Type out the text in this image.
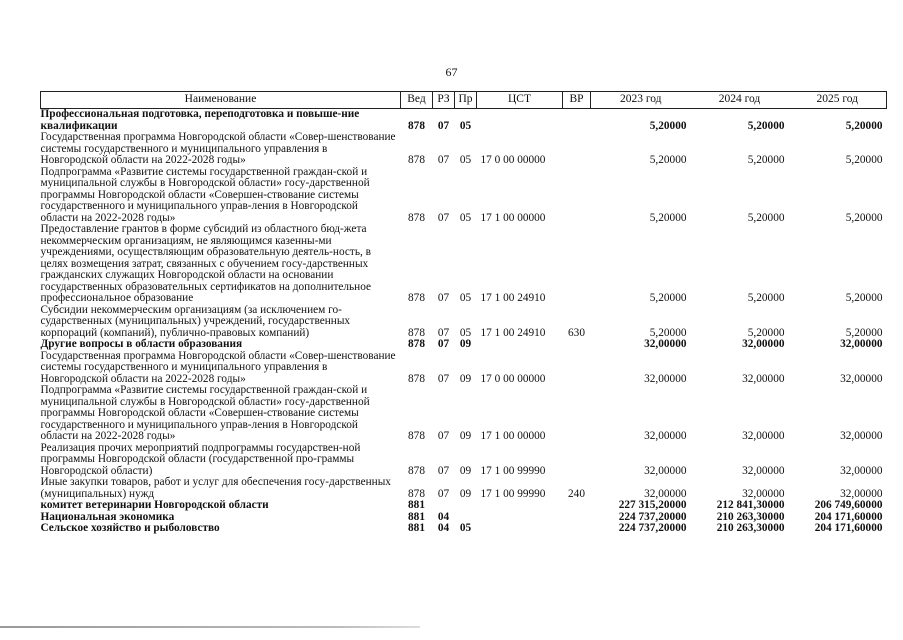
67
Наименование	Вед	РЗ	Пр	ЦСТ	ВР	2023 год	2024 год	2025 год
Профессиональная подготовка, переподготовка и повыше-ние квалификации	878	07	05			5,20000	5,20000	5,20000
Государственная программа Новгородской области «Совер-шенствование системы государственного и муниципального управления в Новгородской области на 2022-2028 годы»	878	07	05	17 0 00 00000		5,20000	5,20000	5,20000
Подпрограмма «Развитие системы государственной граждан-ской и муниципальной службы в Новгородской области» госу-дарственной программы Новгородской области «Совершен-ствование системы государственного и муниципального управ-ления в Новгородской области на 2022-2028 годы»	878	07	05	17 1 00 00000		5,20000	5,20000	5,20000
Предоставление грантов в форме субсидий из областного бюд-жета некоммерческим организациям, не являющимся казенны-ми учреждениями, осуществляющим образовательную деятель-ность, в целях возмещения затрат, связанных с обучением госу-дарственных гражданских служащих Новгородской области на основании государственных образовательных сертификатов на дополнительное профессиональное образование	878	07	05	17 1 00 24910		5,20000	5,20000	5,20000
Субсидии некоммерческим организациям (за исключением го-сударственных (муниципальных) учреждений, государственных корпораций (компаний), публично-правовых компаний)	878	07	05	17 1 00 24910	630	5,20000	5,20000	5,20000
Другие вопросы в области образования	878	07	09			32,00000	32,00000	32,00000
Государственная программа Новгородской области «Совер-шенствование системы государственного и муниципального управления в Новгородской области на 2022-2028 годы»	878	07	09	17 0 00 00000		32,00000	32,00000	32,00000
Подпрограмма «Развитие системы государственной граждан-ской и муниципальной службы в Новгородской области» госу-дарственной программы Новгородской области «Совершен-ствование системы государственного и муниципального управ-ления в Новгородской области на 2022-2028 годы»	878	07	09	17 1 00 00000		32,00000	32,00000	32,00000
Реализация прочих мероприятий подпрограммы государствен-ной программы Новгородской области (государственной про-граммы Новгородской области)	878	07	09	17 1 00 99990		32,00000	32,00000	32,00000
Иные закупки товаров, работ и услуг для обеспечения госу-дарственных (муниципальных) нужд	878	07	09	17 1 00 99990	240	32,00000	32,00000	32,00000
комитет ветеринарии Новгородской области	881					227 315,20000	212 841,30000	206 749,60000
Национальная экономика	881	04				224 737,20000	210 263,30000	204 171,60000
Сельское хозяйство и рыболовство	881	04	05			224 737,20000	210 263,30000	204 171,60000
